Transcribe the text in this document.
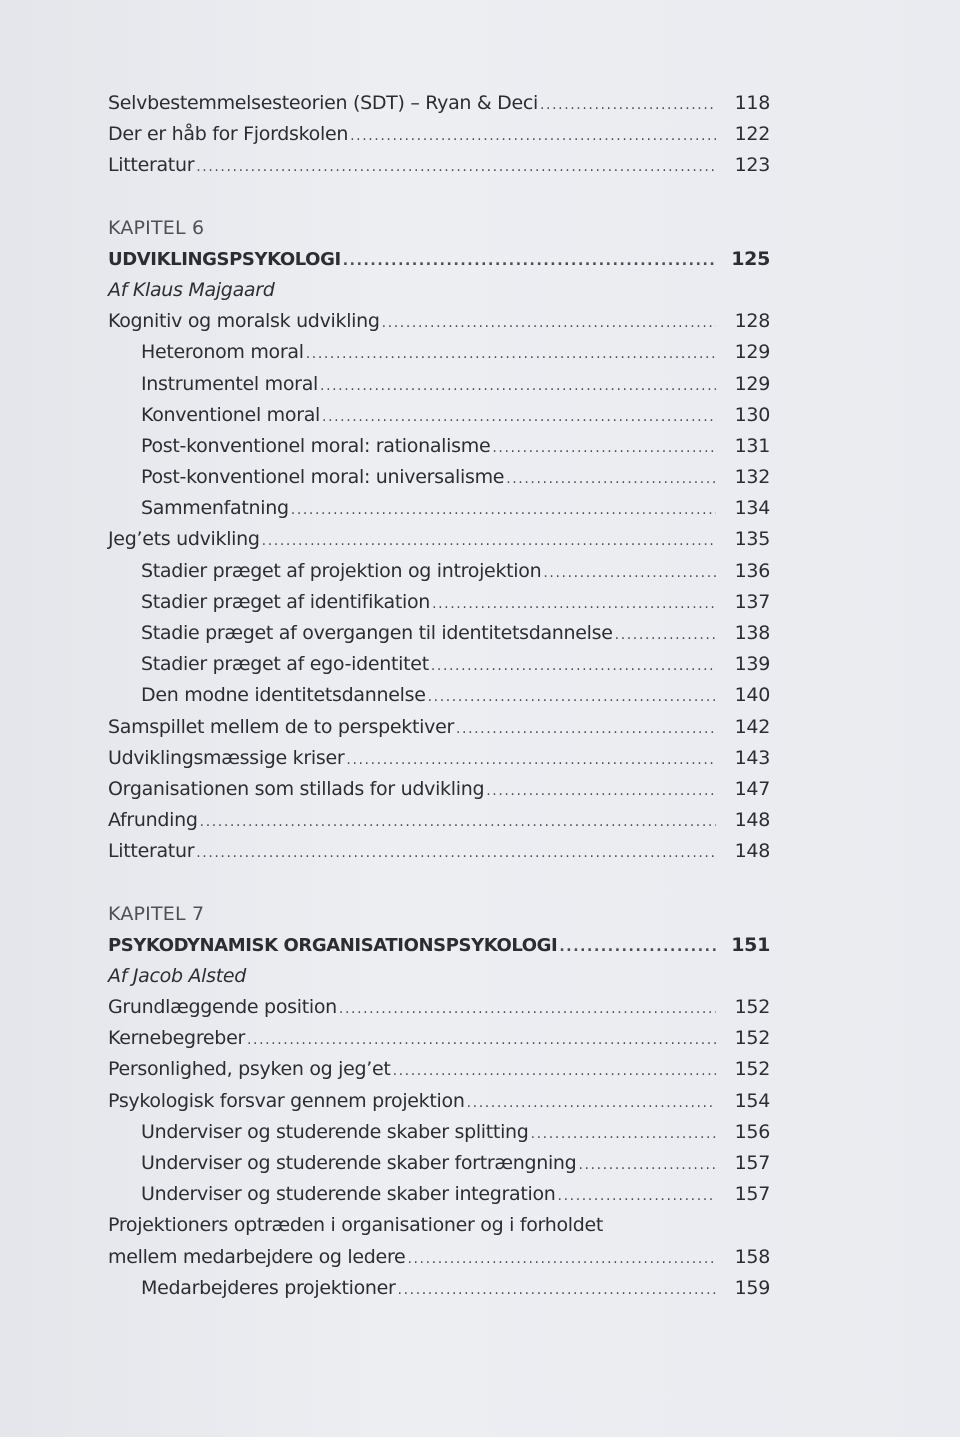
Selvbestemmelsesteorien (SDT) – Ryan & Deci .....	118
Der er håb for Fjordskolen .....	122
Litteratur .....	123
KAPITEL 6
UDVIKLINGSPSYKOLOGI .....	125
Af Klaus Majgaard
Kognitiv og moralsk udvikling .....	128
Heteronom moral .....	129
Instrumentel moral .....	129
Konventionel moral .....	130
Post-konventionel moral: rationalisme .....	131
Post-konventionel moral: universalisme .....	132
Sammenfatning .....	134
Jeg’ets udvikling .....	135
Stadier præget af projektion og introjektion .....	136
Stadier præget af identifikation .....	137
Stadie præget af overgangen til identitetsdannelse .....	138
Stadier præget af ego-identitet .....	139
Den modne identitetsdannelse .....	140
Samspillet mellem de to perspektiver .....	142
Udviklingsmæssige kriser .....	143
Organisationen som stillads for udvikling .....	147
Afrunding .....	148
Litteratur .....	148
KAPITEL 7
PSYKODYNAMISK ORGANISATIONSPSYKOLOGI .....	151
Af Jacob Alsted
Grundlæggende position .....	152
Kernebegreber .....	152
Personlighed, psyken og jeg’et .....	152
Psykologisk forsvar gennem projektion .....	154
Underviser og studerende skaber splitting .....	156
Underviser og studerende skaber fortrængning .....	157
Underviser og studerende skaber integration .....	157
Projektioners optræden i organisationer og i forholdet
mellem medarbejdere og ledere .....	158
Medarbejderes projektioner .....	159
